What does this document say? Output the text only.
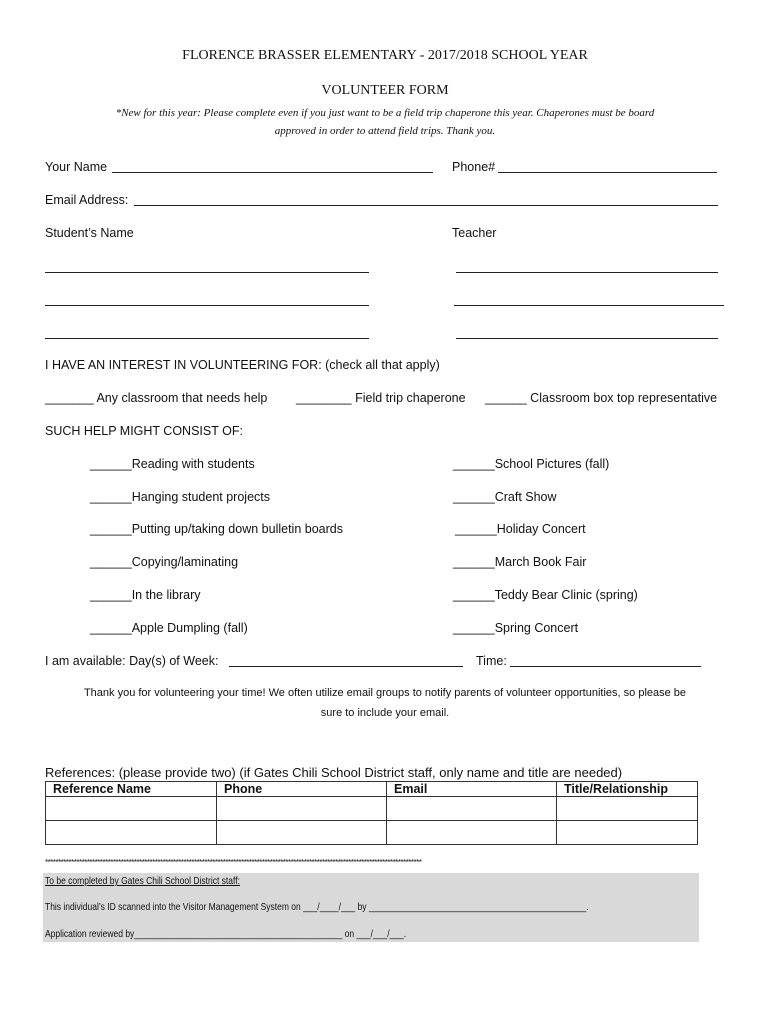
FLORENCE BRASSER ELEMENTARY - 2017/2018 SCHOOL YEAR
VOLUNTEER FORM
*New for this year: Please complete even if you just want to be a field trip chaperone this year. Chaperones must be board
approved in order to attend field trips. Thank you.
Your Name	Phone#
Email Address:
Student’s Name	Teacher
I HAVE AN INTEREST IN VOLUNTEERING FOR: (check all that apply)
_______ Any classroom that needs help ________ Field trip chaperone ______ Classroom box top representative
SUCH HELP MIGHT CONSIST OF:
______Reading with students
______Hanging student projects
______Putting up/taking down bulletin boards
______Copying/laminating
______In the library
______Apple Dumpling (fall)
______School Pictures (fall)
______Craft Show
______Holiday Concert
______March Book Fair
______Teddy Bear Clinic (spring)
______Spring Concert
I am available: Day(s) of Week:	Time:
Thank you for volunteering your time! We often utilize email groups to notify parents of volunteer opportunities, so please be
sure to include your email.
References: (please provide two) (if Gates Chili School District staff, only name and title are needed)
Reference Name	Phone	Email	Title/Relationship

************************************************************************************************************************************************
To be completed by Gates Chili School District staff:
This individual’s ID scanned into the Visitor Management System on ___/____/___ by ______________________________________________.
Application reviewed by____________________________________________ on ___/___/___.
